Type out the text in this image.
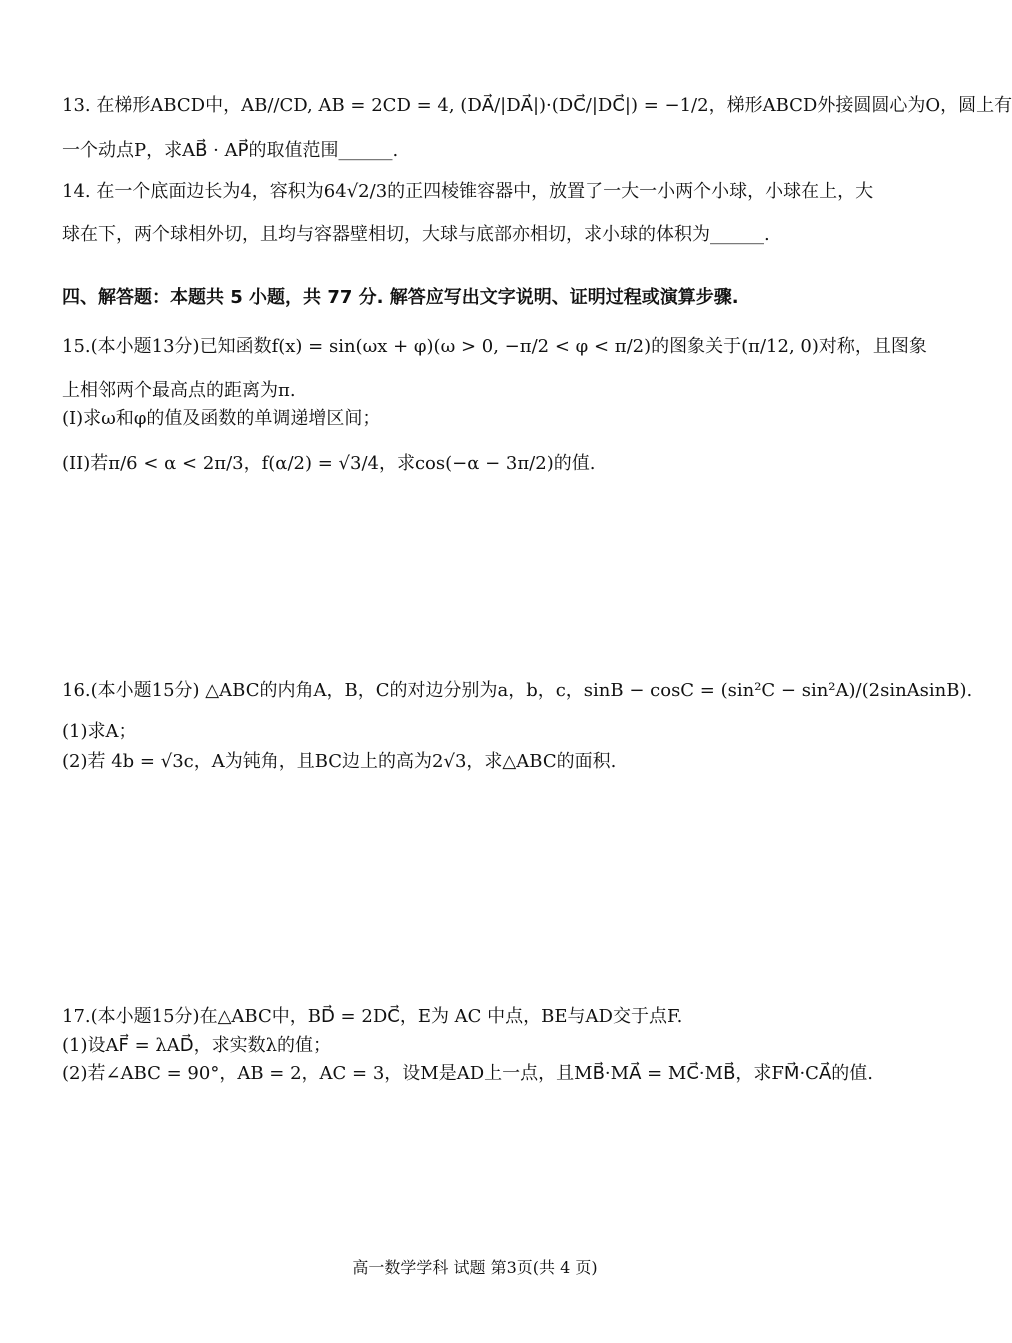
13. 在梯形ABCD中，AB//CD, AB = 2CD = 4, (DA⃗/|DA⃗|)·(DC⃗/|DC⃗|) = −1/2，梯形ABCD外接圆圆心为O，圆上有
一个动点P，求AB⃗ · AP⃗的取值范围______.
14. 在一个底面边长为4，容积为64√2/3的正四棱锥容器中，放置了一大一小两个小球，小球在上，大
球在下，两个球相外切，且均与容器壁相切，大球与底部亦相切，求小球的体积为______.
四、解答题：本题共 5 小题，共 77 分. 解答应写出文字说明、证明过程或演算步骤.
15.(本小题13分)已知函数f(x) = sin(ωx + φ)(ω > 0, −π/2 < φ < π/2)的图象关于(π/12, 0)对称，且图象
上相邻两个最高点的距离为π.
(I)求ω和φ的值及函数的单调递增区间；
(II)若π/6 < α < 2π/3，f(α/2) = √3/4，求cos(−α − 3π/2)的值.
16.(本小题15分) △ABC的内角A，B，C的对边分别为a，b，c，sinB − cosC = (sin²C − sin²A)/(2sinAsinB).
(1)求A；
(2)若 4b = √3c，A为钝角，且BC边上的高为2√3，求△ABC的面积.
17.(本小题15分)在△ABC中，BD⃗ = 2DC⃗，E为 AC 中点，BE与AD交于点F.
(1)设AF⃗ = λAD⃗，求实数λ的值；
(2)若∠ABC = 90°，AB = 2，AC = 3，设M是AD上一点，且MB⃗·MA⃗ = MC⃗·MB⃗，求FM⃗·CA⃗的值.
高一数学学科 试题 第3页(共 4 页)
